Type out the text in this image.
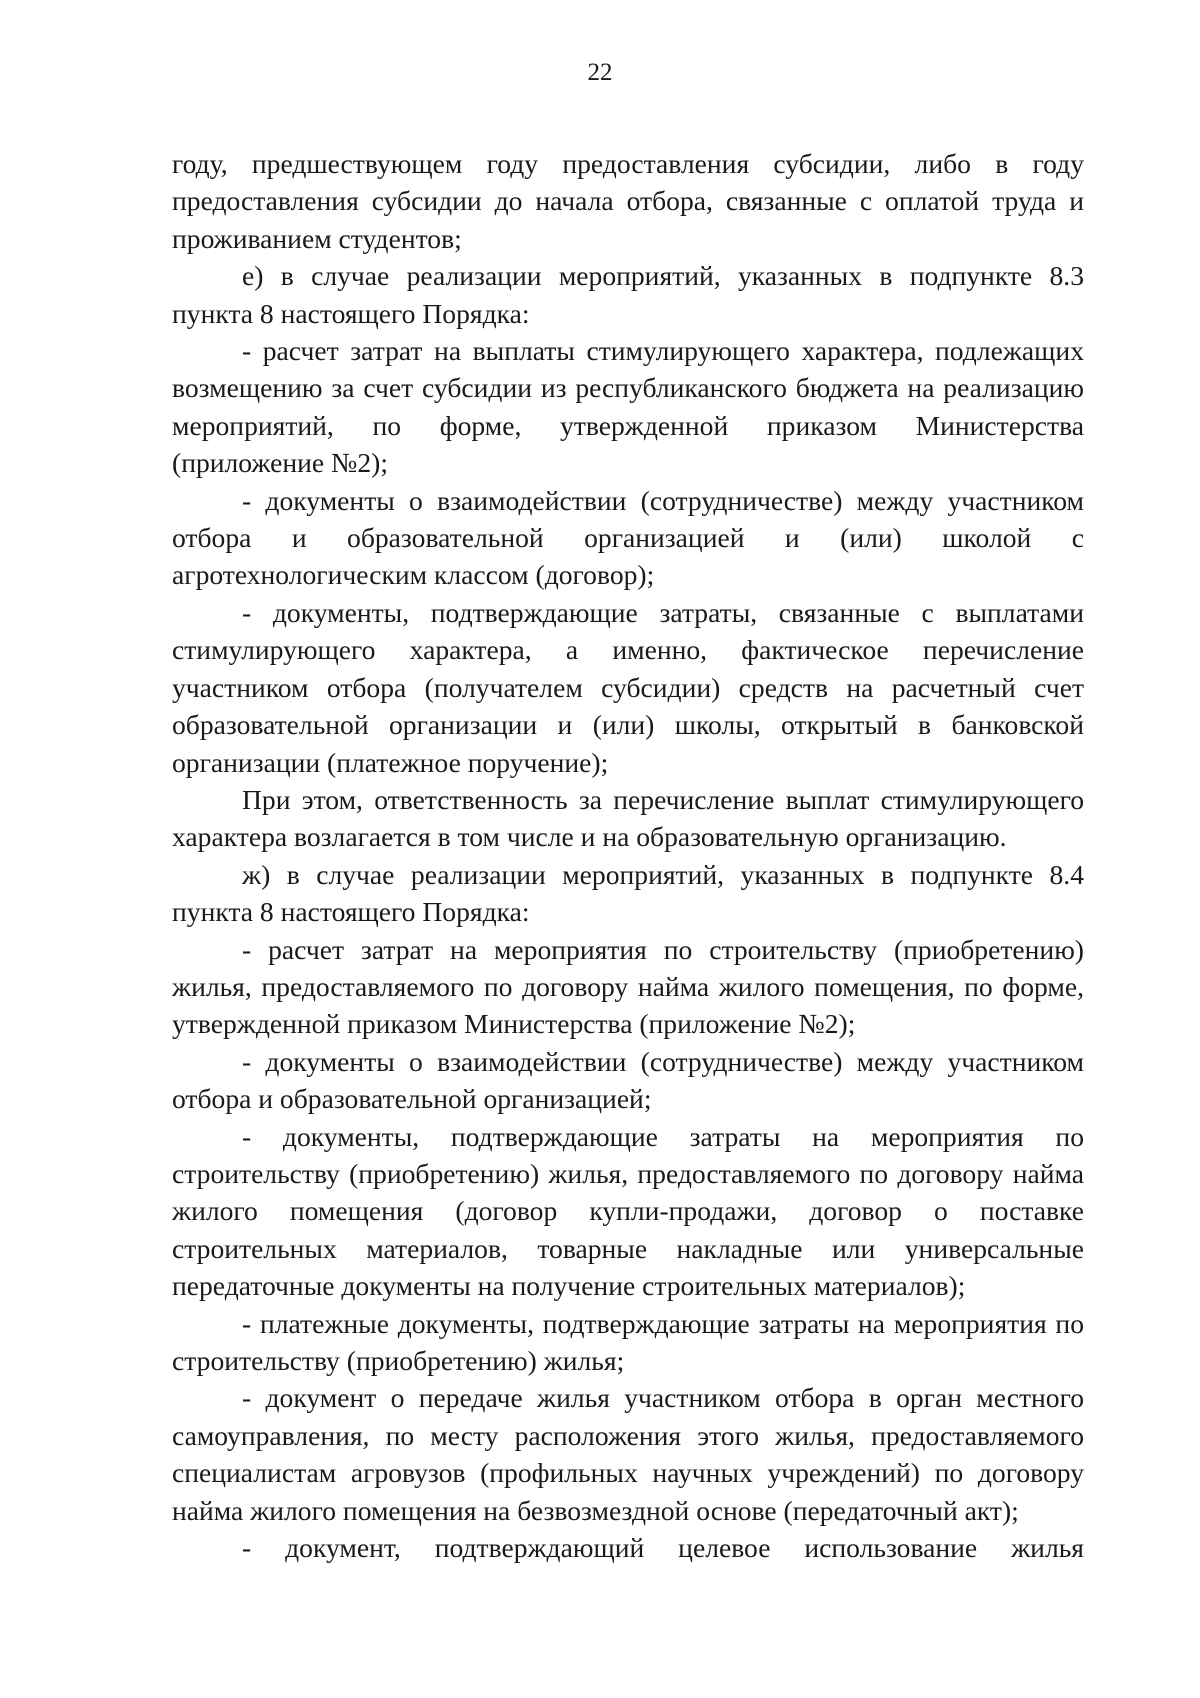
22

году, предшествующем году предоставления субсидии, либо в году предоставления субсидии до начала отбора, связанные с оплатой труда и проживанием студентов;

е) в случае реализации мероприятий, указанных в подпункте 8.3 пункта 8 настоящего Порядка:

- расчет затрат на выплаты стимулирующего характера, подлежащих возмещению за счет субсидии из республиканского бюджета на реализацию мероприятий, по форме, утвержденной приказом Министерства (приложение №2);

- документы о взаимодействии (сотрудничестве) между участником отбора и образовательной организацией и (или) школой с агротехнологическим классом (договор);

- документы, подтверждающие затраты, связанные с выплатами стимулирующего характера, а именно, фактическое перечисление участником отбора (получателем субсидии) средств на расчетный счет образовательной организации и (или) школы, открытый в банковской организации (платежное поручение);

При этом, ответственность за перечисление выплат стимулирующего характера возлагается в том числе и на образовательную организацию.

ж) в случае реализации мероприятий, указанных в подпункте 8.4 пункта 8 настоящего Порядка:

- расчет затрат на мероприятия по строительству (приобретению) жилья, предоставляемого по договору найма жилого помещения, по форме, утвержденной приказом Министерства (приложение №2);

- документы о взаимодействии (сотрудничестве) между участником отбора и образовательной организацией;

- документы, подтверждающие затраты на мероприятия по строительству (приобретению) жилья, предоставляемого по договору найма жилого помещения (договор купли-продажи, договор о поставке строительных материалов, товарные накладные или универсальные передаточные документы на получение строительных материалов);

- платежные документы, подтверждающие затраты на мероприятия по строительству (приобретению) жилья;

- документ о передаче жилья участником отбора в орган местного самоуправления, по месту расположения этого жилья, предоставляемого специалистам агровузов (профильных научных учреждений) по договору найма жилого помещения на безвозмездной основе (передаточный акт);

- документ, подтверждающий целевое использование жилья
